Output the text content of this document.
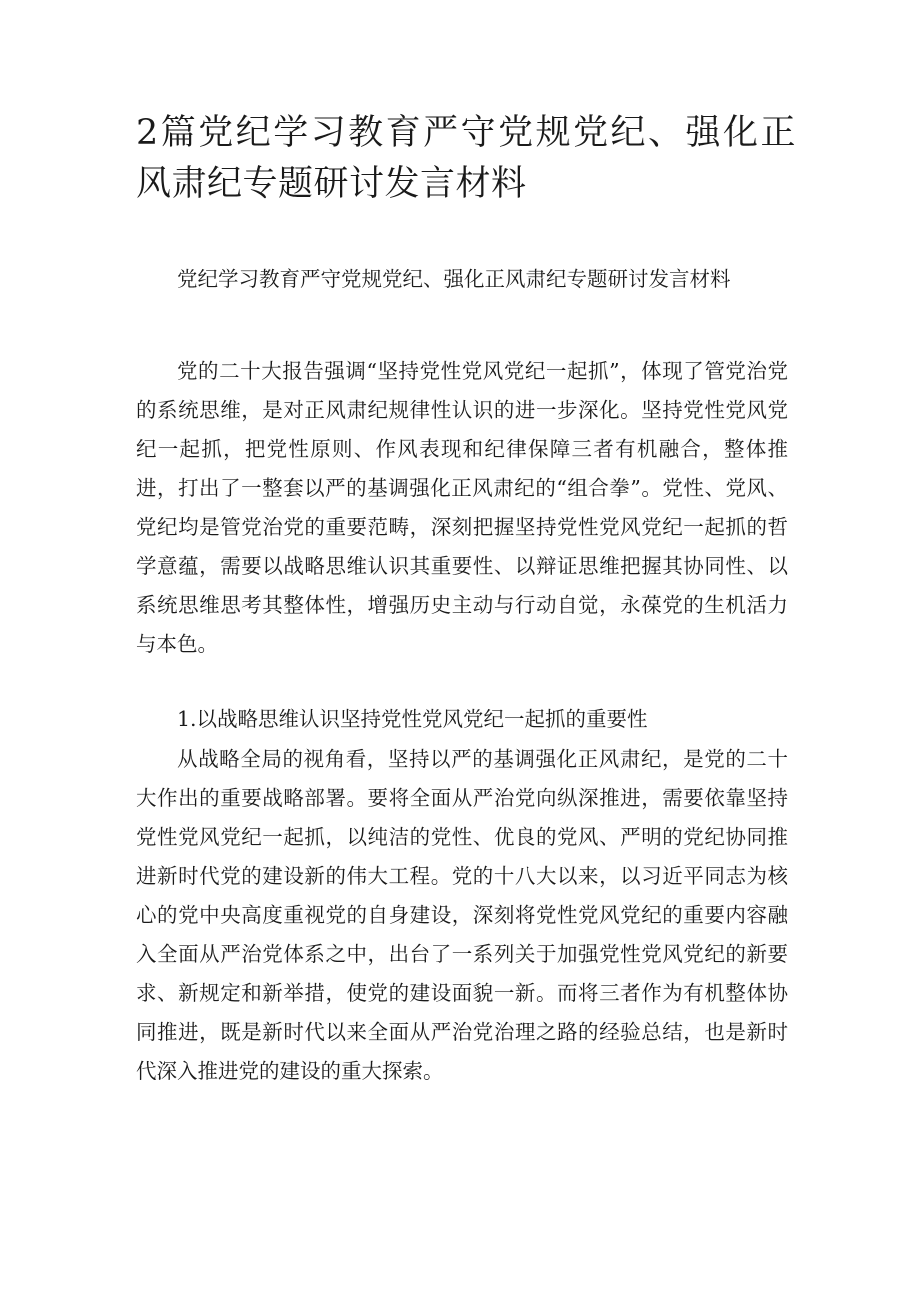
2篇党纪学习教育严守党规党纪、强化正风肃纪专题研讨发言材料

党纪学习教育严守党规党纪、强化正风肃纪专题研讨发言材料

党的二十大报告强调“坚持党性党风党纪一起抓”，体现了管党治党的系统思维，是对正风肃纪规律性认识的进一步深化。坚持党性党风党纪一起抓，把党性原则、作风表现和纪律保障三者有机融合，整体推进，打出了一整套以严的基调强化正风肃纪的“组合拳”。党性、党风、党纪均是管党治党的重要范畴，深刻把握坚持党性党风党纪一起抓的哲学意蕴，需要以战略思维认识其重要性、以辩证思维把握其协同性、以系统思维思考其整体性，增强历史主动与行动自觉，永葆党的生机活力与本色。

1.以战略思维认识坚持党性党风党纪一起抓的重要性

从战略全局的视角看，坚持以严的基调强化正风肃纪，是党的二十大作出的重要战略部署。要将全面从严治党向纵深推进，需要依靠坚持党性党风党纪一起抓，以纯洁的党性、优良的党风、严明的党纪协同推进新时代党的建设新的伟大工程。党的十八大以来，以习近平同志为核心的党中央高度重视党的自身建设，深刻将党性党风党纪的重要内容融入全面从严治党体系之中，出台了一系列关于加强党性党风党纪的新要求、新规定和新举措，使党的建设面貌一新。而将三者作为有机整体协同推进，既是新时代以来全面从严治党治理之路的经验总结，也是新时代深入推进党的建设的重大探索。
